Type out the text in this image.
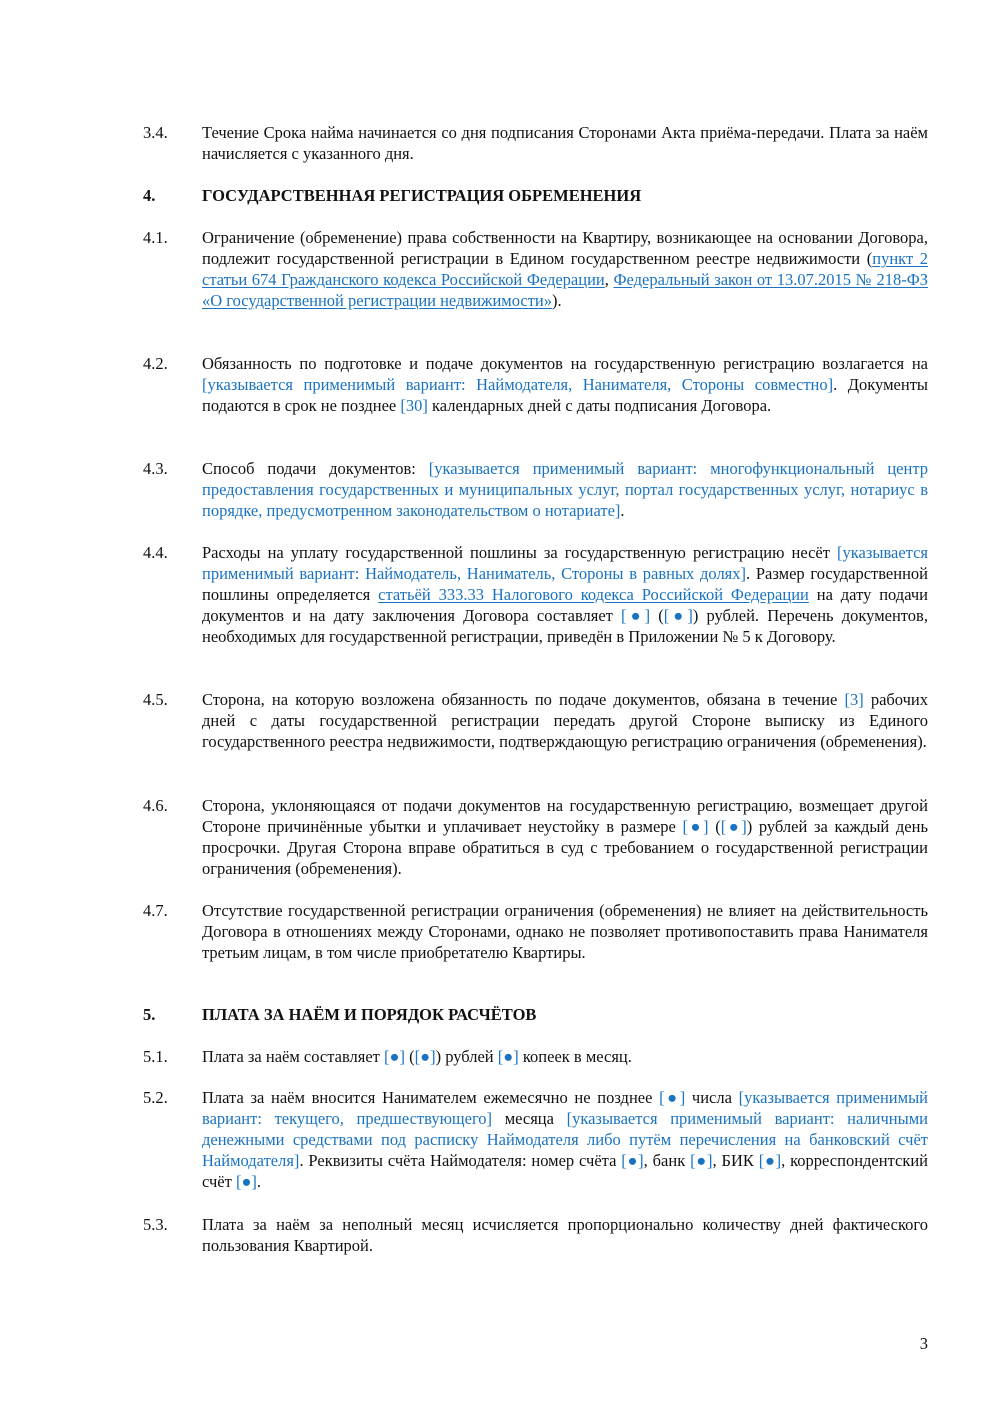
3.4.	Течение Срока найма начинается со дня подписания Сторонами Акта приёма-передачи. Плата за наём начисляется с указанного дня.
4.	ГОСУДАРСТВЕННАЯ РЕГИСТРАЦИЯ ОБРЕМЕНЕНИЯ
4.1.	Ограничение (обременение) права собственности на Квартиру, возникающее на основании Договора, подлежит государственной регистрации в Едином государственном реестре недвижимости (пункт 2 статьи 674 Гражданского кодекса Российской Федерации, Федеральный закон от 13.07.2015 № 218-ФЗ «О государственной регистрации недвижимости»).
4.2.	Обязанность по подготовке и подаче документов на государственную регистрацию возлагается на [указывается применимый вариант: Наймодателя, Нанимателя, Стороны совместно]. Документы подаются в срок не позднее [30] календарных дней с даты подписания Договора.
4.3.	Способ подачи документов: [указывается применимый вариант: многофункциональный центр предоставления государственных и муниципальных услуг, портал государственных услуг, нотариус в порядке, предусмотренном законодательством о нотариате].
4.4.	Расходы на уплату государственной пошлины за государственную регистрацию несёт [указывается применимый вариант: Наймодатель, Наниматель, Стороны в равных долях]. Размер государственной пошлины определяется статьёй 333.33 Налогового кодекса Российской Федерации на дату подачи документов и на дату заключения Договора составляет [●] ([●]) рублей. Перечень документов, необходимых для государственной регистрации, приведён в Приложении № 5 к Договору.
4.5.	Сторона, на которую возложена обязанность по подаче документов, обязана в течение [3] рабочих дней с даты государственной регистрации передать другой Стороне выписку из Единого государственного реестра недвижимости, подтверждающую регистрацию ограничения (обременения).
4.6.	Сторона, уклоняющаяся от подачи документов на государственную регистрацию, возмещает другой Стороне причинённые убытки и уплачивает неустойку в размере [●] ([●]) рублей за каждый день просрочки. Другая Сторона вправе обратиться в суд с требованием о государственной регистрации ограничения (обременения).
4.7.	Отсутствие государственной регистрации ограничения (обременения) не влияет на действительность Договора в отношениях между Сторонами, однако не позволяет противопоставить права Нанимателя третьим лицам, в том числе приобретателю Квартиры.
5.	ПЛАТА ЗА НАЁМ И ПОРЯДОК РАСЧЁТОВ
5.1.	Плата за наём составляет [●] ([●]) рублей [●] копеек в месяц.
5.2.	Плата за наём вносится Нанимателем ежемесячно не позднее [●] числа [указывается применимый вариант: текущего, предшествующего] месяца [указывается применимый вариант: наличными денежными средствами под расписку Наймодателя либо путём перечисления на банковский счёт Наймодателя]. Реквизиты счёта Наймодателя: номер счёта [●], банк [●], БИК [●], корреспондентский счёт [●].
5.3.	Плата за наём за неполный месяц исчисляется пропорционально количеству дней фактического пользования Квартирой.
3
